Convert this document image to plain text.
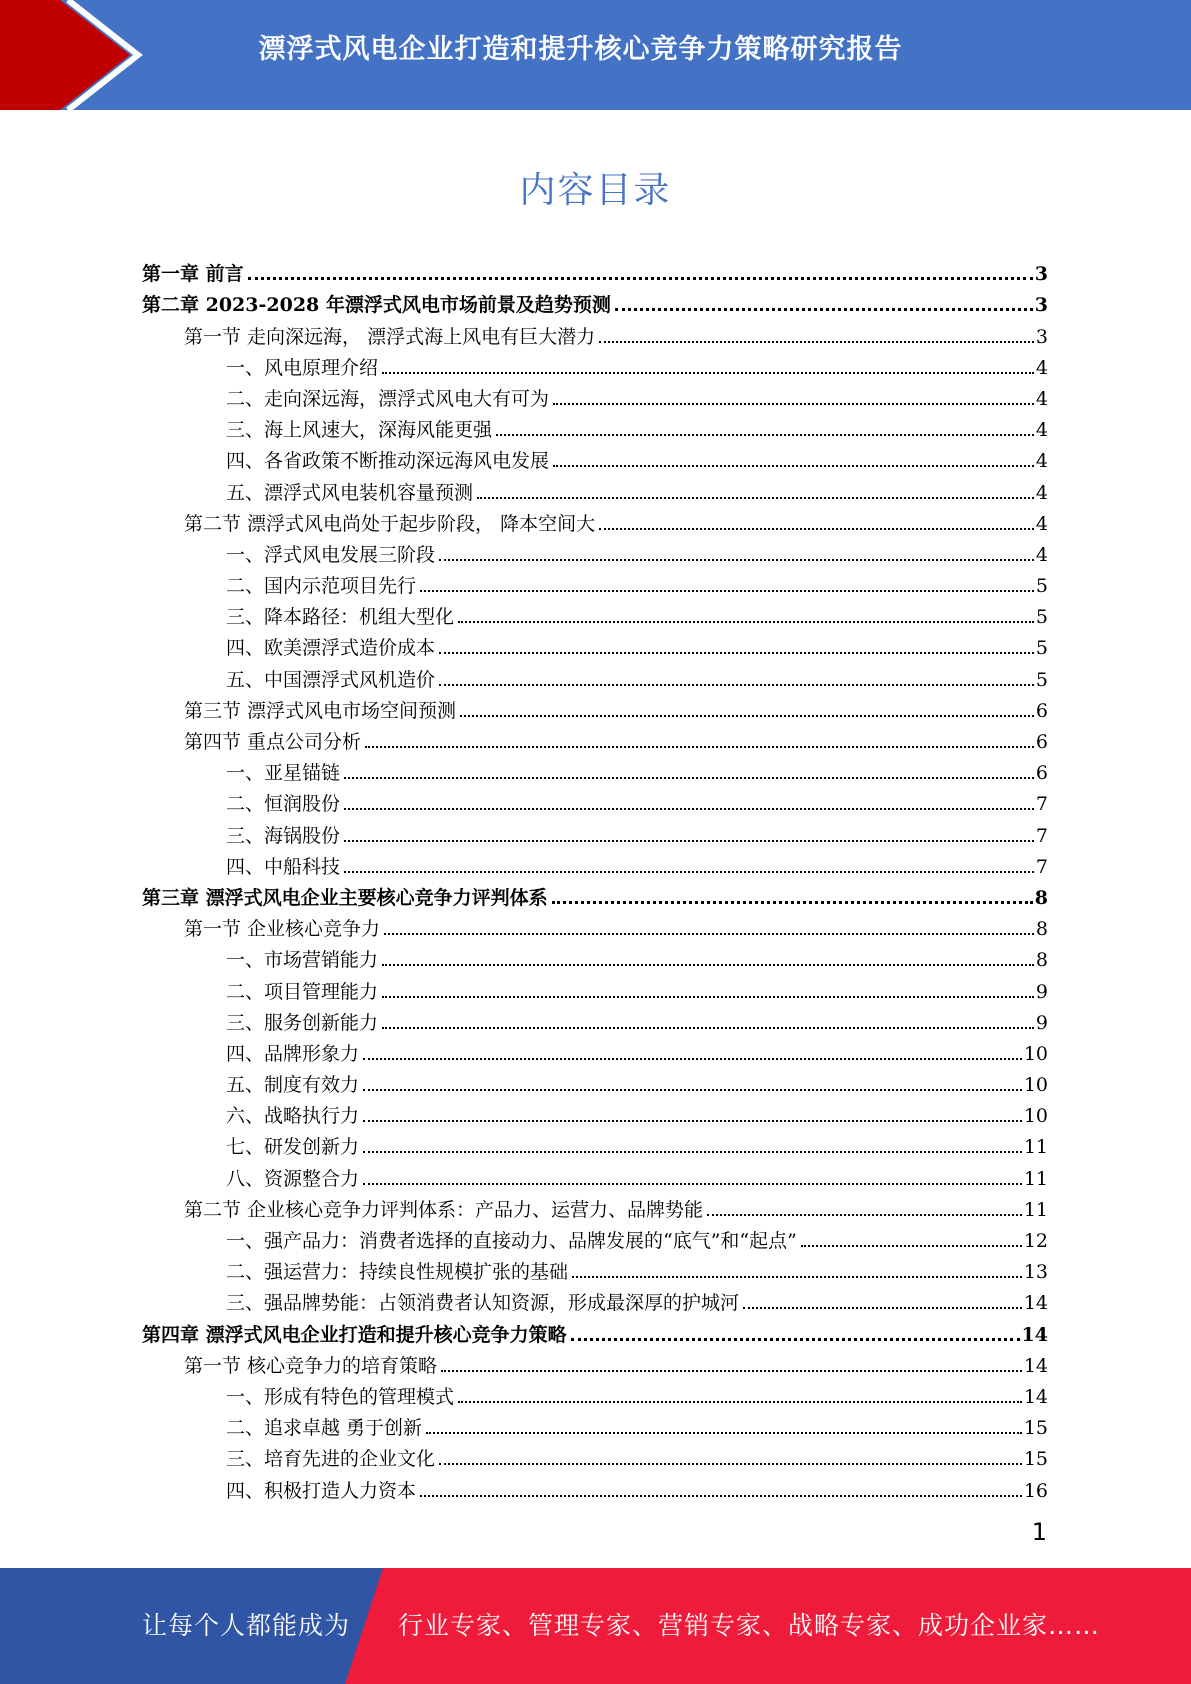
漂浮式风电企业打造和提升核心竞争力策略研究报告
内容目录
第一章 前言	3
第二章 2023-2028 年漂浮式风电市场前景及趋势预测	3
第一节 走向深远海， 漂浮式海上风电有巨大潜力	3
一、风电原理介绍	4
二、走向深远海，漂浮式风电大有可为	4
三、海上风速大，深海风能更强	4
四、各省政策不断推动深远海风电发展	4
五、漂浮式风电装机容量预测	4
第二节 漂浮式风电尚处于起步阶段， 降本空间大	4
一、浮式风电发展三阶段	4
二、国内示范项目先行	5
三、降本路径：机组大型化	5
四、欧美漂浮式造价成本	5
五、中国漂浮式风机造价	5
第三节 漂浮式风电市场空间预测	6
第四节 重点公司分析	6
一、亚星锚链	6
二、恒润股份	7
三、海锅股份	7
四、中船科技	7
第三章 漂浮式风电企业主要核心竞争力评判体系	8
第一节 企业核心竞争力	8
一、市场营销能力	8
二、项目管理能力	9
三、服务创新能力	9
四、品牌形象力	10
五、制度有效力	10
六、战略执行力	10
七、研发创新力	11
八、资源整合力	11
第二节 企业核心竞争力评判体系：产品力、运营力、品牌势能	11
一、强产品力：消费者选择的直接动力、品牌发展的“底气”和“起点”	12
二、强运营力：持续良性规模扩张的基础	13
三、强品牌势能：占领消费者认知资源，形成最深厚的护城河	14
第四章 漂浮式风电企业打造和提升核心竞争力策略	14
第一节 核心竞争力的培育策略	14
一、形成有特色的管理模式	14
二、追求卓越 勇于创新	15
三、培育先进的企业文化	15
四、积极打造人力资本	16
1
让每个人都能成为 行业专家、管理专家、营销专家、战略专家、成功企业家……
